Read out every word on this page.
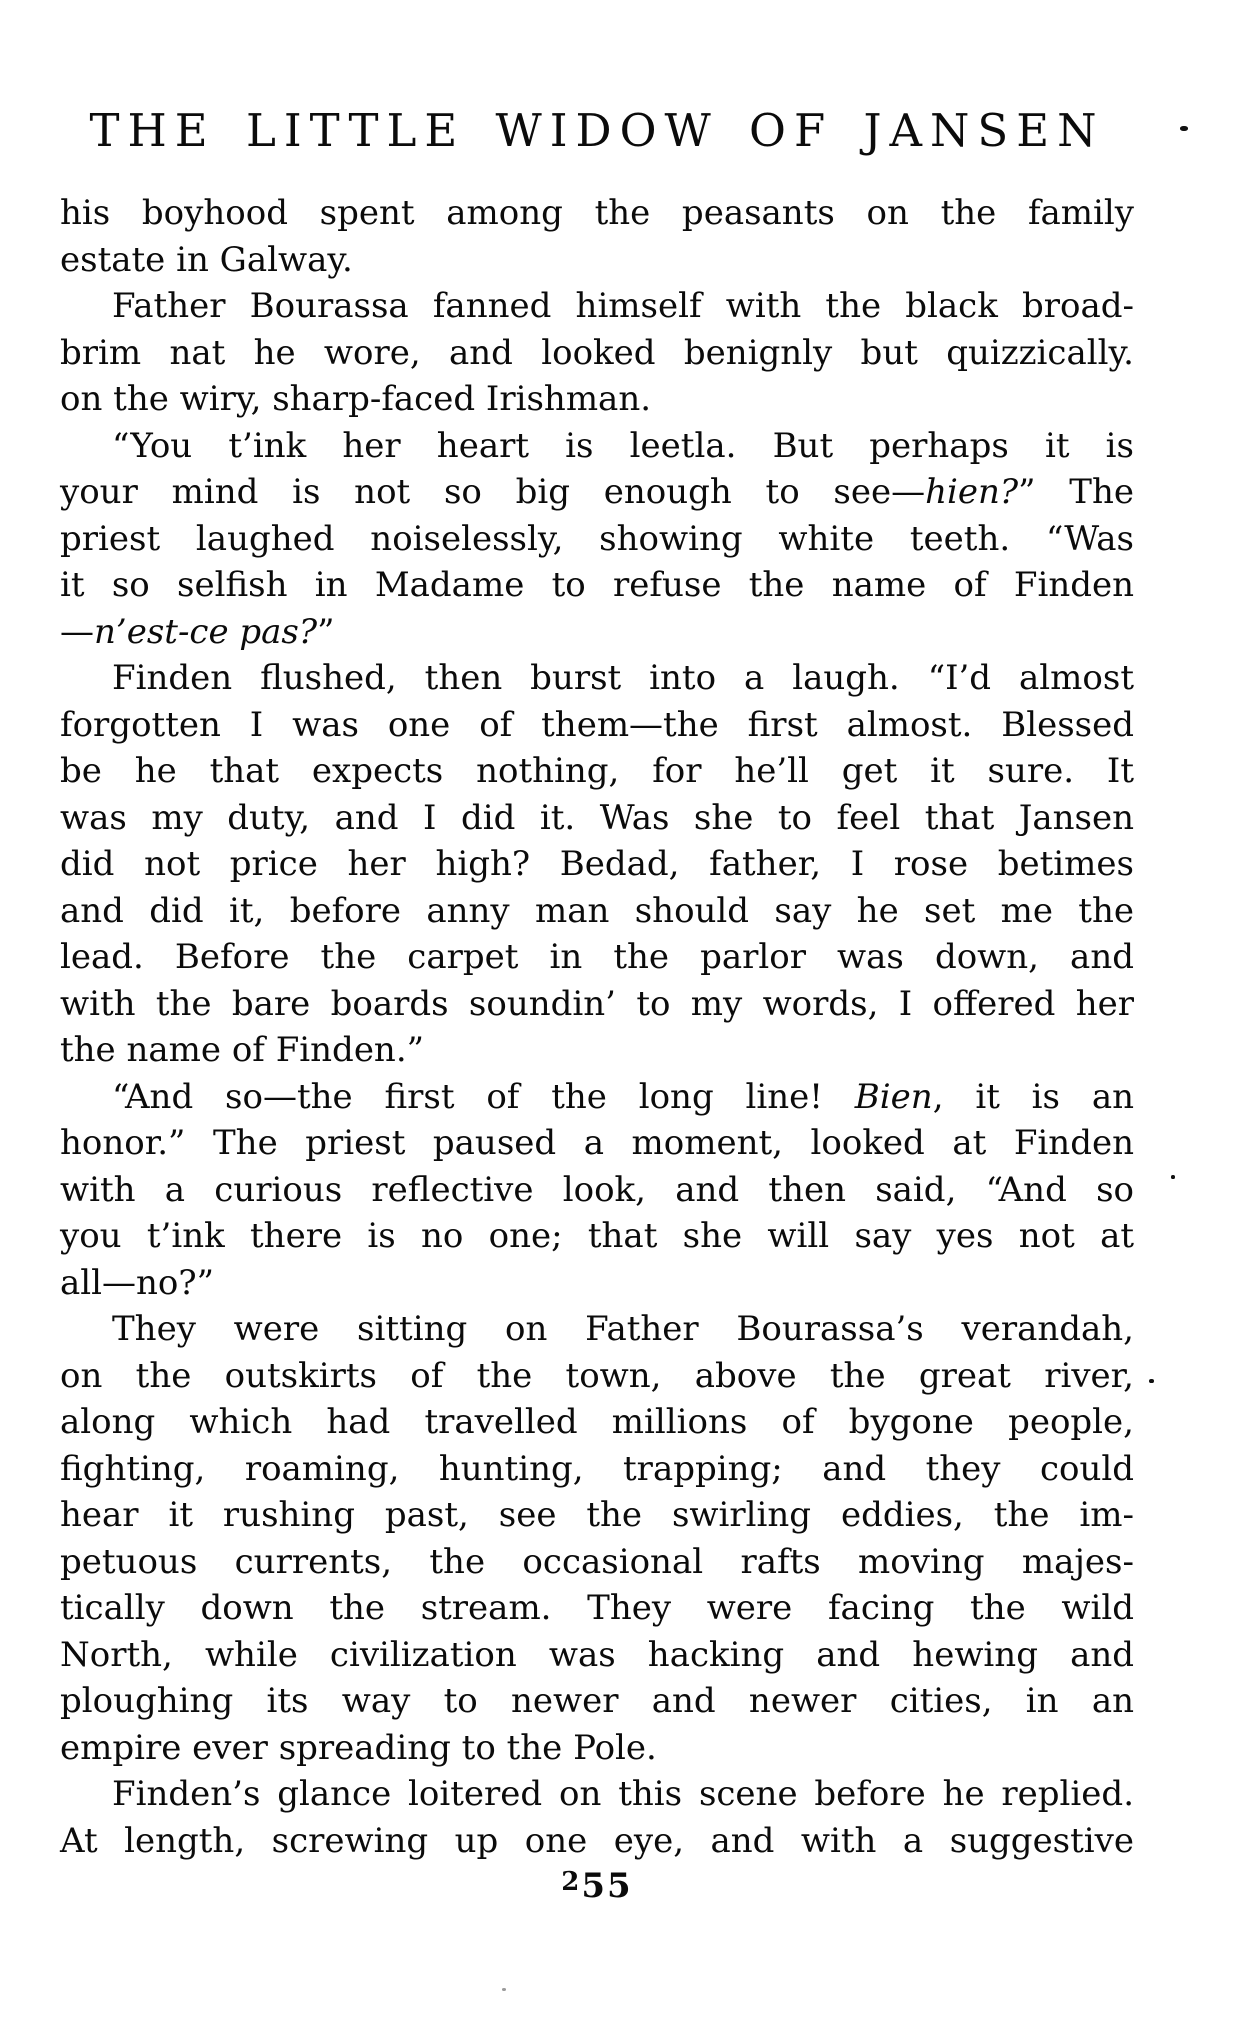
THE LITTLE WIDOW OF JANSEN
his boyhood spent among the peasants on the family
estate in Galway.
Father Bourassa fanned himself with the black broad-
brim nat he wore, and looked benignly but quizzically.
on the wiry, sharp-faced Irishman.
“You t’ink her heart is leetla. But perhaps it is
your mind is not so big enough to see—hien?” The
priest laughed noiselessly, showing white teeth. “Was
it so selfish in Madame to refuse the name of Finden
—n’est-ce pas?”
Finden flushed, then burst into a laugh. “I’d almost
forgotten I was one of them—the first almost. Blessed
be he that expects nothing, for he’ll get it sure. It
was my duty, and I did it. Was she to feel that Jansen
did not price her high? Bedad, father, I rose betimes
and did it, before anny man should say he set me the
lead. Before the carpet in the parlor was down, and
with the bare boards soundin’ to my words, I offered her
the name of Finden.”
“And so—the first of the long line! Bien, it is an
honor.” The priest paused a moment, looked at Finden
with a curious reflective look, and then said, “And so
you t’ink there is no one; that she will say yes not at
all—no?”
They were sitting on Father Bourassa’s verandah,
on the outskirts of the town, above the great river,
along which had travelled millions of bygone people,
fighting, roaming, hunting, trapping; and they could
hear it rushing past, see the swirling eddies, the im-
petuous currents, the occasional rafts moving majes-
tically down the stream. They were facing the wild
North, while civilization was hacking and hewing and
ploughing its way to newer and newer cities, in an
empire ever spreading to the Pole.
Finden’s glance loitered on this scene before he replied.
At length, screwing up one eye, and with a suggestive
255
